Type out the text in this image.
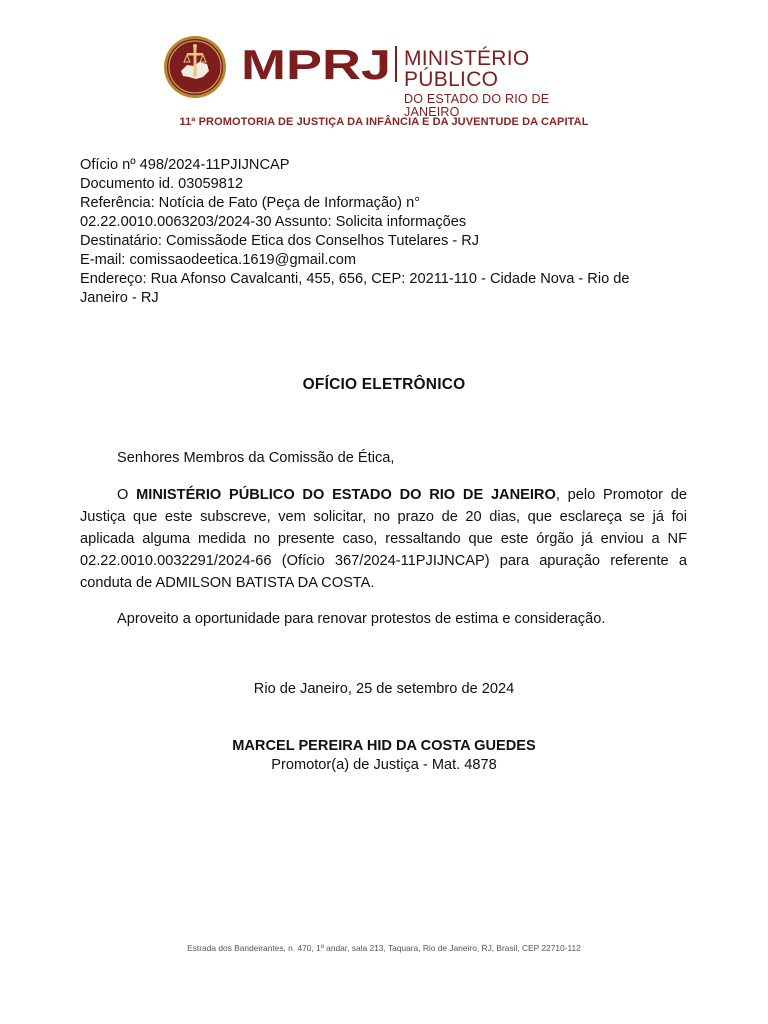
MPRJ MINISTÉRIO PÚBLICO
DO ESTADO DO RIO DE JANEIRO
11ª PROMOTORIA DE JUSTIÇA DA INFÂNCIA E DA JUVENTUDE DA CAPITAL
Ofício nº 498/2024-11PJIJNCAP
Documento id. 03059812
Referência: Notícia de Fato (Peça de Informação) n°
02.22.0010.0063203/2024-30 Assunto: Solicita informações
Destinatário: Comissãode Etica dos Conselhos Tutelares - RJ
E-mail: comissaodeetica.1619@gmail.com
Endereço: Rua Afonso Cavalcanti, 455, 656, CEP: 20211-110 - Cidade Nova - Rio de
Janeiro - RJ
OFÍCIO ELETRÔNICO
Senhores Membros da Comissão de Ética,
O MINISTÉRIO PÚBLICO DO ESTADO DO RIO DE JANEIRO, pelo Promotor de Justiça que este subscreve, vem solicitar, no prazo de 20 dias, que esclareça se já foi aplicada alguma medida no presente caso, ressaltando que este órgão já enviou a NF 02.22.0010.0032291/2024-66 (Ofício 367/2024-11PJIJNCAP) para apuração referente a conduta de ADMILSON BATISTA DA COSTA.
Aproveito a oportunidade para renovar protestos de estima e consideração.
Rio de Janeiro, 25 de setembro de 2024
MARCEL PEREIRA HID DA COSTA GUEDES
Promotor(a) de Justiça - Mat. 4878
Estrada dos Bandeirantes, n. 470, 1º andar, sala 213, Taquara, Rio de Janeiro, RJ, Brasil, CEP 22710-112
